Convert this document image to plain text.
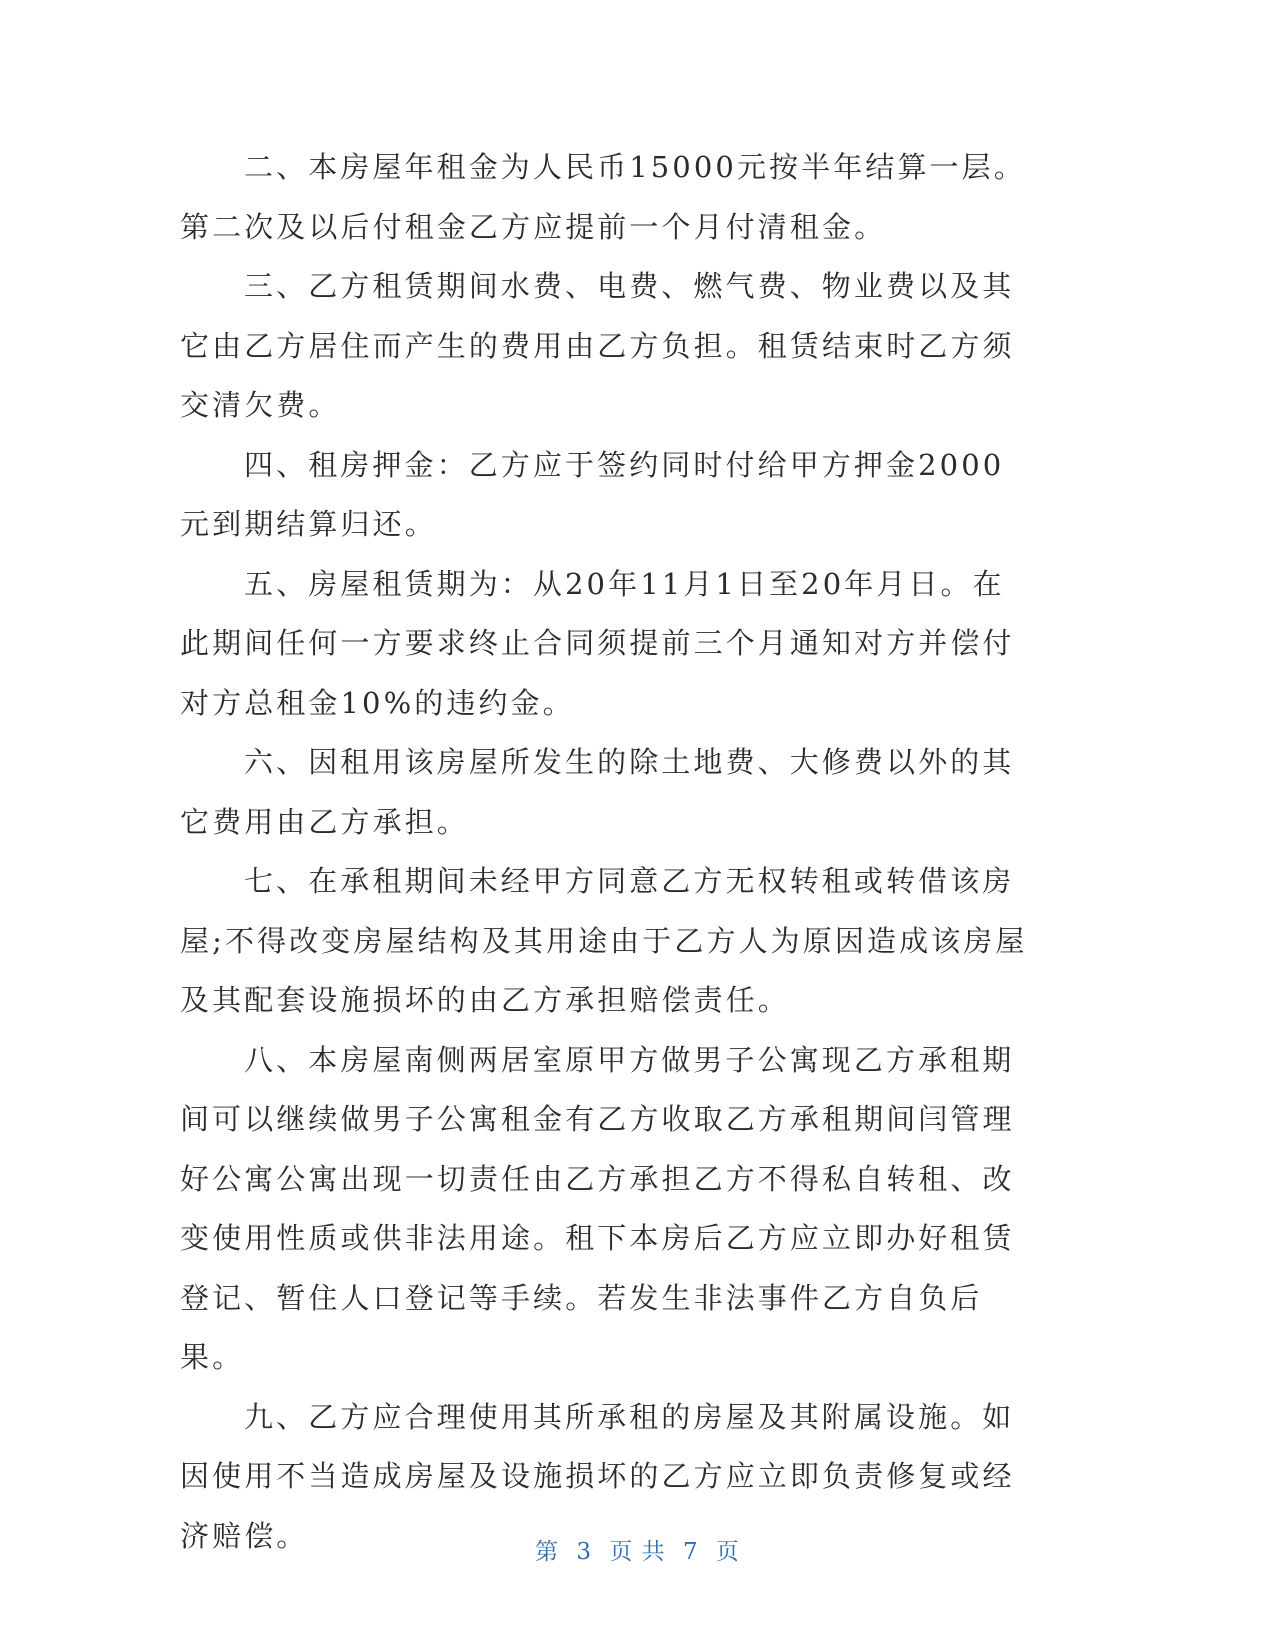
二、本房屋年租金为人民币15000元按半年结算一层。第二次及以后付租金乙方应提前一个月付清租金。

三、乙方租赁期间水费、电费、燃气费、物业费以及其它由乙方居住而产生的费用由乙方负担。租赁结束时乙方须交清欠费。

四、租房押金：乙方应于签约同时付给甲方押金2000元到期结算归还。

五、房屋租赁期为：从20年11月1日至20年月日。在此期间任何一方要求终止合同须提前三个月通知对方并偿付对方总租金10%的违约金。

六、因租用该房屋所发生的除土地费、大修费以外的其它费用由乙方承担。

七、在承租期间未经甲方同意乙方无权转租或转借该房屋;不得改变房屋结构及其用途由于乙方人为原因造成该房屋及其配套设施损坏的由乙方承担赔偿责任。

八、本房屋南侧两居室原甲方做男子公寓现乙方承租期间可以继续做男子公寓租金有乙方收取乙方承租期间闫管理好公寓公寓出现一切责任由乙方承担乙方不得私自转租、改变使用性质或供非法用途。租下本房后乙方应立即办好租赁登记、暂住人口登记等手续。若发生非法事件乙方自负后果。

九、乙方应合理使用其所承租的房屋及其附属设施。如因使用不当造成房屋及设施损坏的乙方应立即负责修复或经济赔偿。	第 3 页 共 7 页
